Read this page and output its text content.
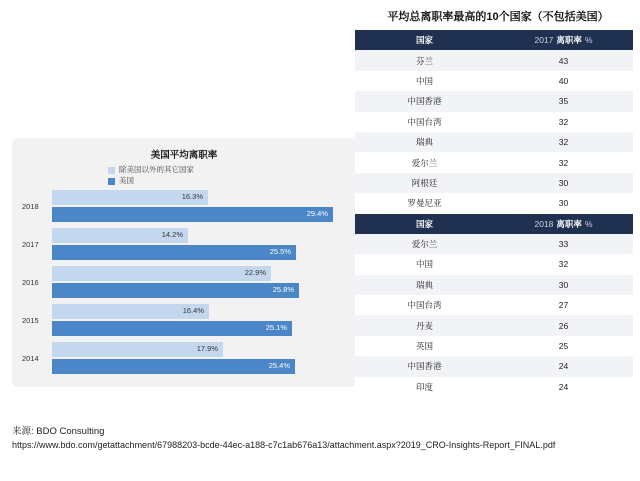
美国平均离职率
除美国以外的其它国家
美国
2018
16.3%
29.4%
2017
14.2%
25.5%
2016
22.9%
25.8%
2015
16.4%
25.1%
2014
17.9%
25.4%
平均总离职率最高的10个国家（不包括美国）
国家	2017 离职率 %
芬兰	43
中国	40
中国香港	35
中国台湾	32
瑞典	32
爱尔兰	32
阿根廷	30
罗曼尼亚	30
国家	2018 离职率 %
爱尔兰	33
中国	32
瑞典	30
中国台湾	27
丹麦	26
英国	25
中国香港	24
印度	24
来源: BDO Consulting
https://www.bdo.com/getattachment/67988203-bcde-44ec-a188-c7c1ab676a13/attachment.aspx?2019_CRO-Insights-Report_FINAL.pdf
